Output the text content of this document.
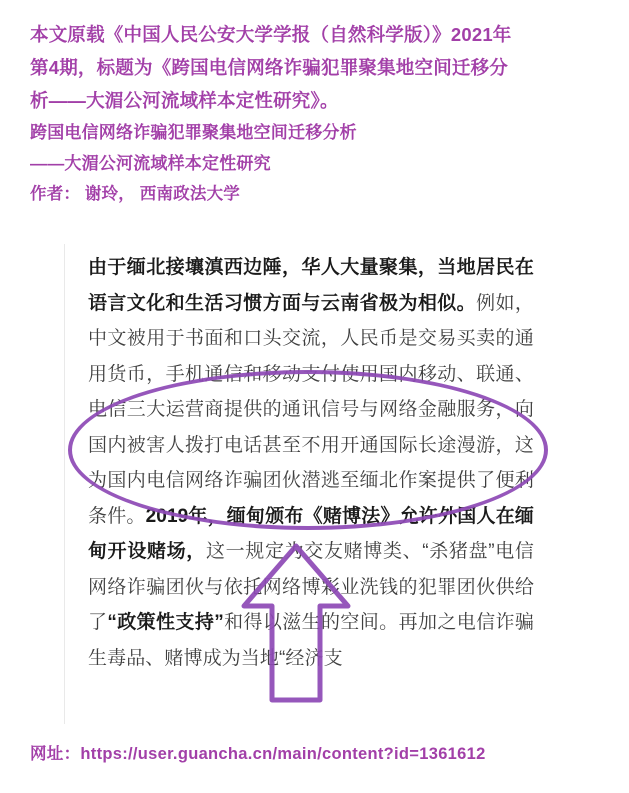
本文原载《中国人民公安大学学报（自然科学版）》2021年
第4期，标题为《跨国电信网络诈骗犯罪聚集地空间迁移分
析——大湄公河流域样本定性研究》。
跨国电信网络诈骗犯罪聚集地空间迁移分析
——大湄公河流域样本定性研究
作者： 谢玲， 西南政法大学
由于缅北接壤滇西边陲，华人大量聚集，当地居民在语言文化和生活习惯方面与云南省极为相似。例如，中文被用于书面和口头交流，人民币是交易买卖的通用货币，手机通信和移动支付使用国内移动、联通、电信三大运营商提供的通讯信号与网络金融服务，向国内被害人拨打电话甚至不用开通国际长途漫游，这为国内电信网络诈骗团伙潜逃至缅北作案提供了便利条件。2019年，缅甸颁布《赌博法》允许外国人在缅甸开设赌场，这一规定为交友赌博类、“杀猪盘”电信网络诈骗团伙与依托网络博彩业洗钱的犯罪团伙供给了“政策性支持”和得以滋生的空间。再加之电信诈骗生毒品、赌博成为当地“经济支
网址：https://user.guancha.cn/main/content?id=1361612
